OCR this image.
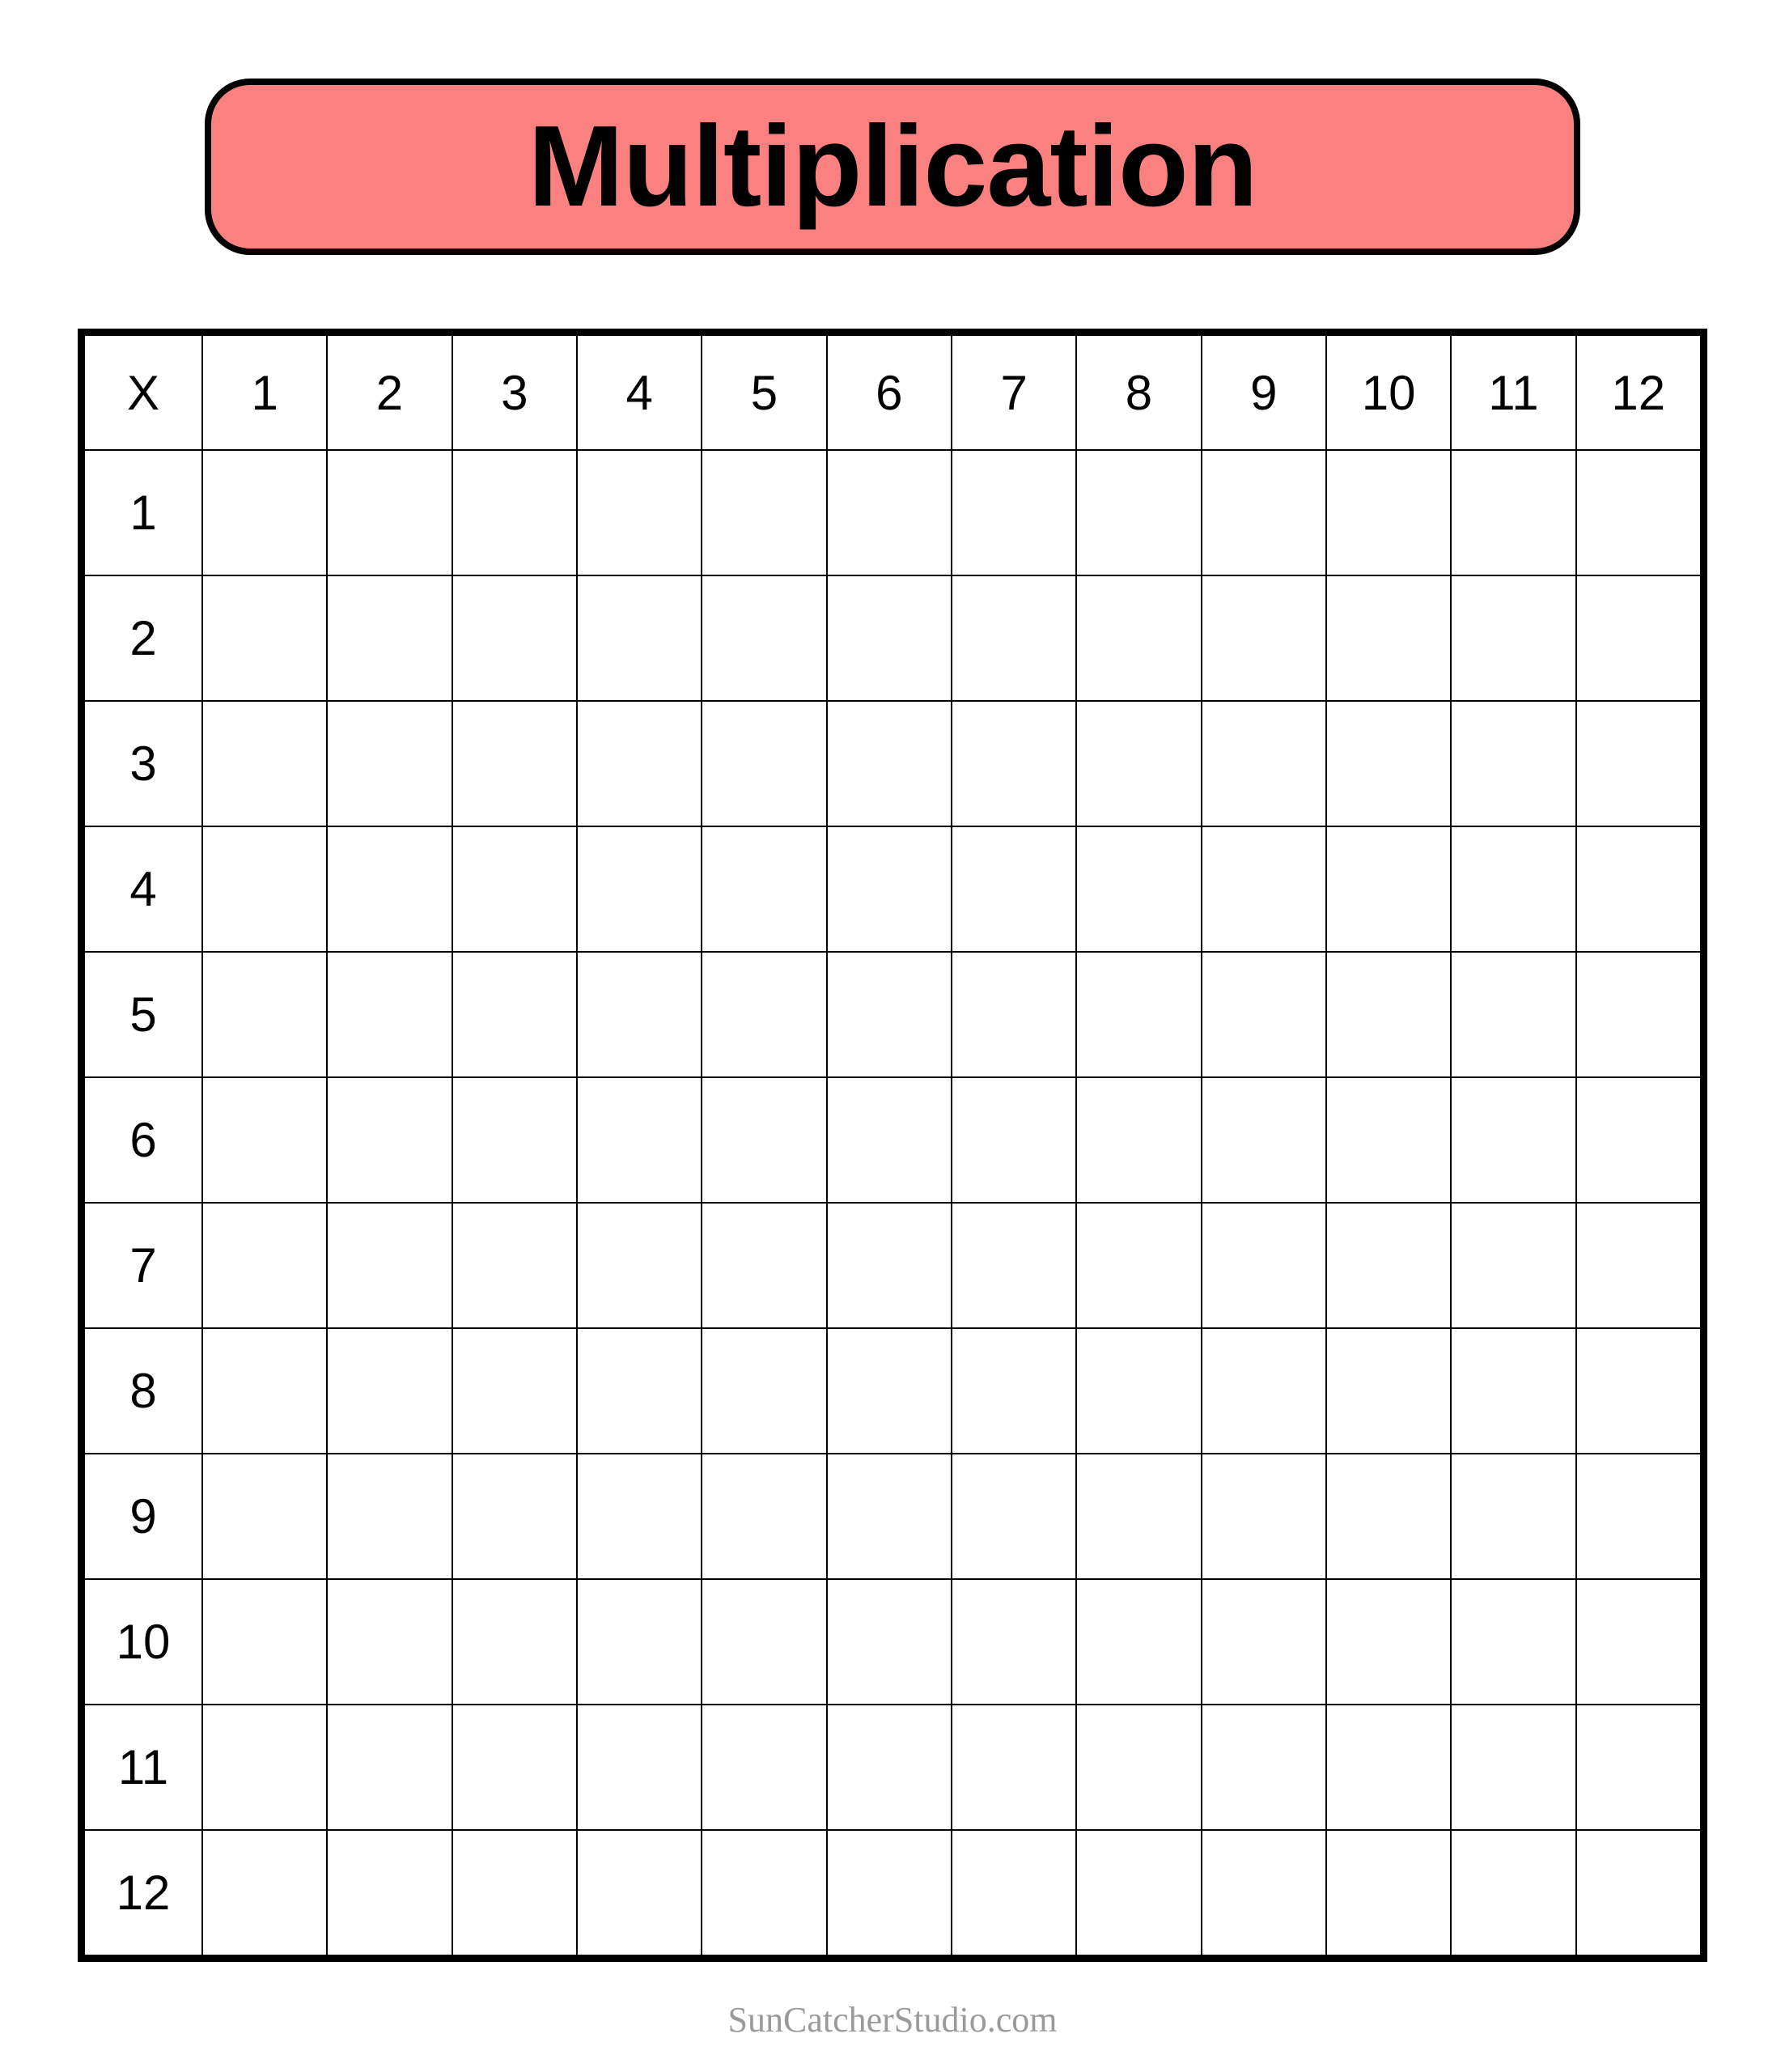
Multiplication
X	1	2	3	4	5	6	7	8	9	10	11	12
1												
2												
3												
4												
5												
6												
7												
8												
9												
10												
11												
12												
SunCatcherStudio.com
